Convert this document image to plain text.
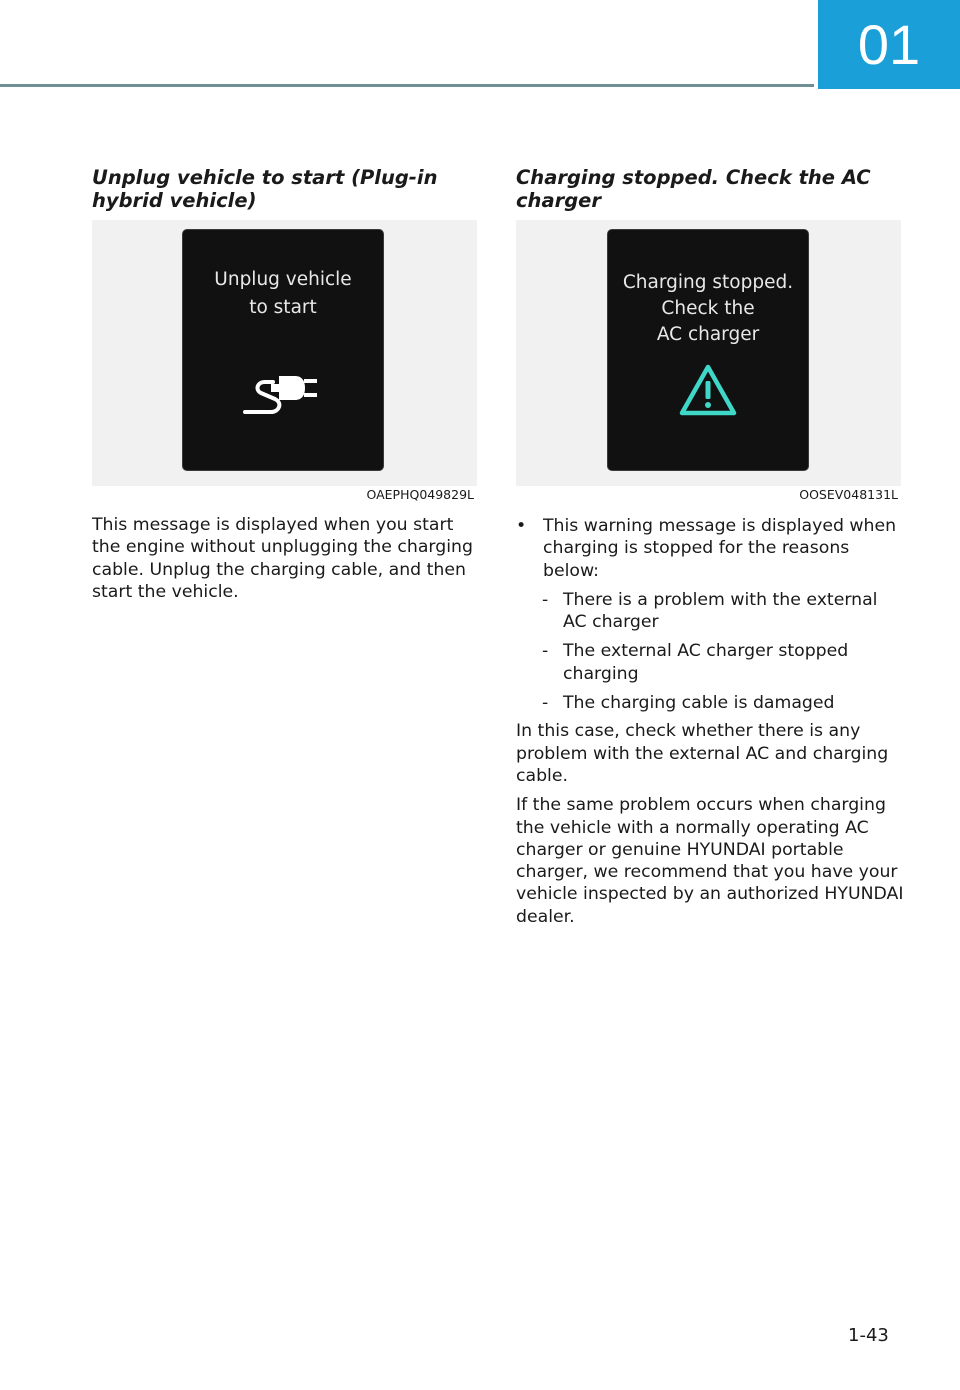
01
Unplug vehicle to start (Plug-in hybrid vehicle)
Unplug vehicle
to start
OAEPHQ049829L

This message is displayed when you start the engine without unplugging the charging cable. Unplug the charging cable, and then start the vehicle.

Charging stopped. Check the AC charger
Charging stopped.
Check the
AC charger
OOSEV048131L
• This warning message is displayed when charging is stopped for the reasons below:
- There is a problem with the external AC charger
- The external AC charger stopped charging
- The charging cable is damaged

In this case, check whether there is any problem with the external AC and charging cable.

If the same problem occurs when charging the vehicle with a normally operating AC charger or genuine HYUNDAI portable charger, we recommend that you have your vehicle inspected by an authorized HYUNDAI dealer.

1-43
